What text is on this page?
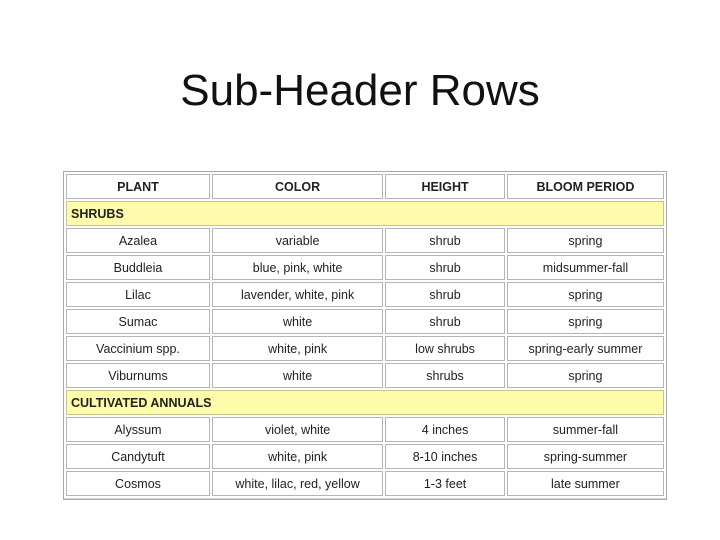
Sub-Header Rows
PLANT	COLOR	HEIGHT	BLOOM PERIOD
SHRUBS			
Azalea	variable	shrub	spring
Buddleia	blue, pink, white	shrub	midsummer-fall
Lilac	lavender, white, pink	shrub	spring
Sumac	white	shrub	spring
Vaccinium spp.	white, pink	low shrubs	spring-early summer
Viburnums	white	shrubs	spring
CULTIVATED ANNUALS			
Alyssum	violet, white	4 inches	summer-fall
Candytuft	white, pink	8-10 inches	spring-summer
Cosmos	white, lilac, red, yellow	1-3 feet	late summer
